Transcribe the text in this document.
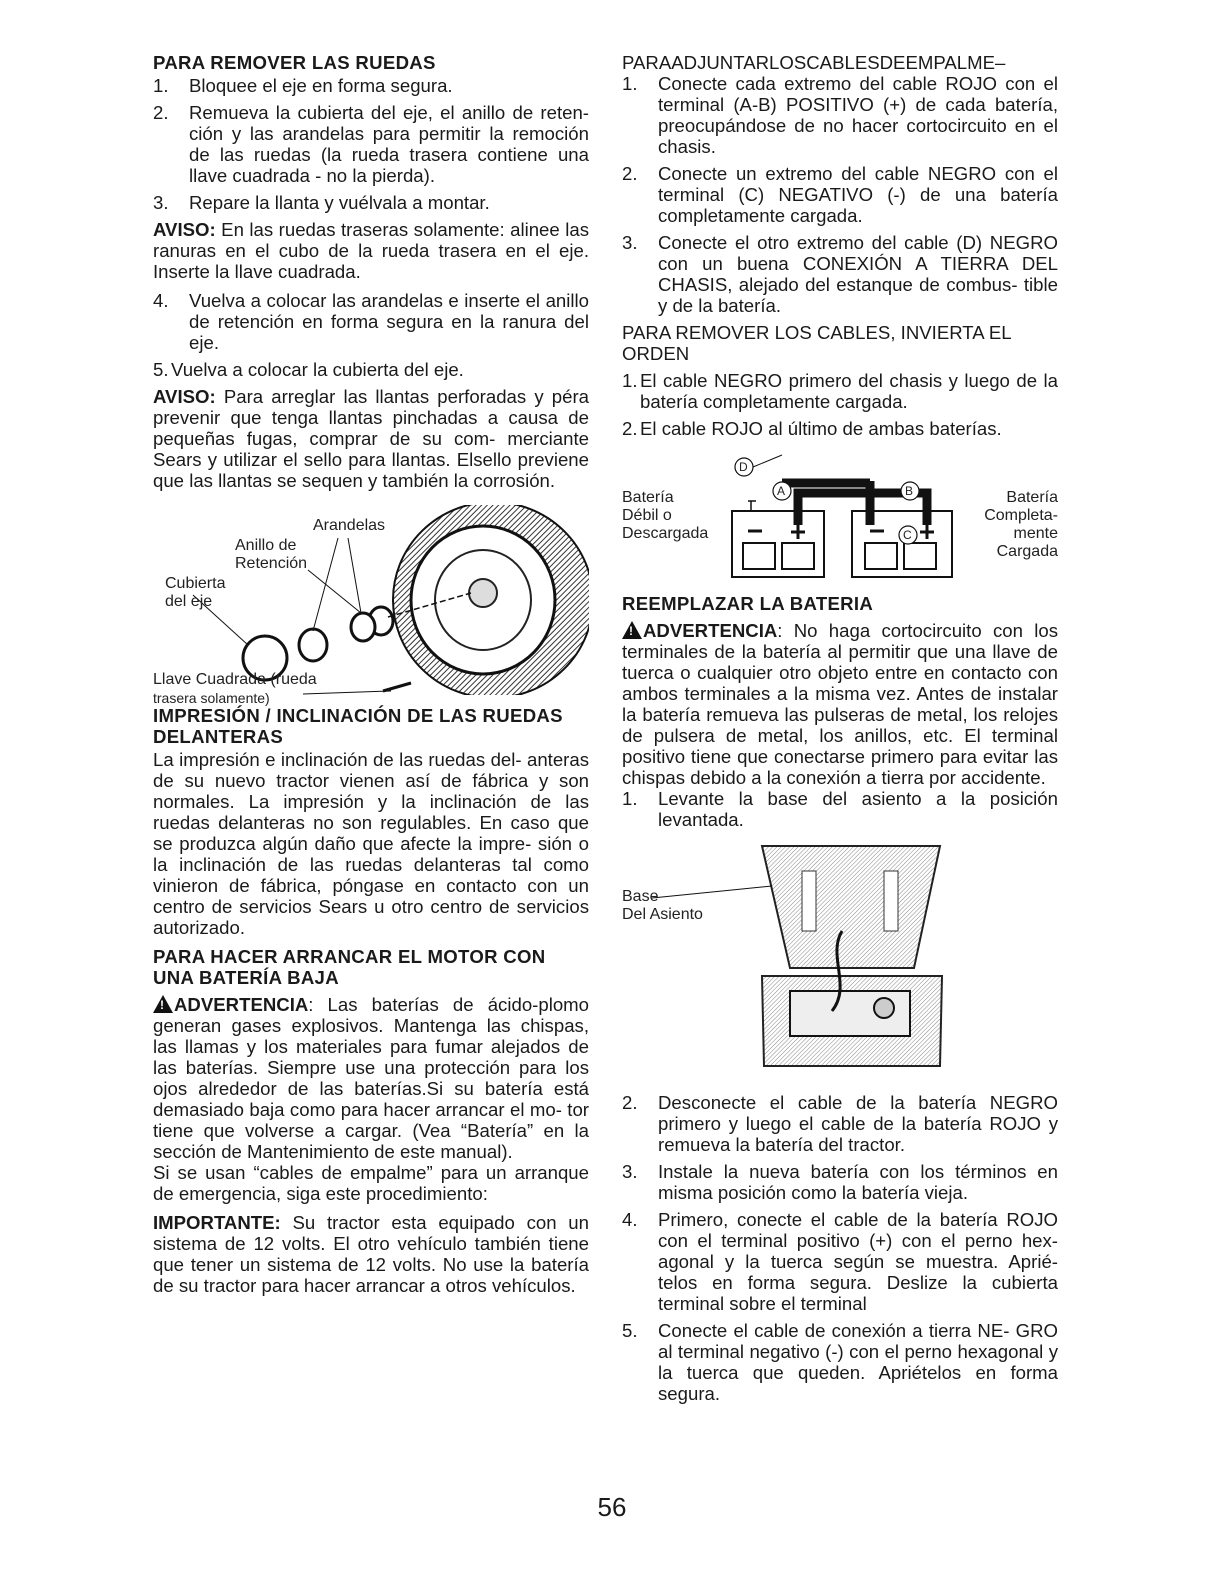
PARA REMOVER LAS RUEDAS
1.	Bloquee el eje en forma segura.
2.	Remueva la cubierta del eje, el anillo de reten- ción y las arandelas para permitir la remoción de las ruedas (la rueda trasera contiene una llave cuadrada - no la pierda).
3.	Repare la llanta y vuélvala a montar.

AVISO: En las ruedas traseras solamente: alinee las ranuras en el cubo de la rueda trasera en el eje. Inserte la llave cuadrada.

4.	Vuelva a colocar las arandelas e inserte el anillo de retención en forma segura en la ranura del eje.
5. Vuelva a colocar la cubierta del eje.

AVISO: Para arreglar las llantas perforadas y péra prevenir que tenga llantas pinchadas a causa de pequeñas fugas, comprar de su com- merciante Sears y utilizar el sello para llantas. Elsello previene que las llantas se sequen y también la corrosión.

Arandelas
Anillo de
Retención
Cubierta
del eje
Llave Cuadrada (rueda
trasera solamente)
IMPRESIÓN / INCLINACIÓN DE LAS RUEDAS DELANTERAS

La impresión e inclinación de las ruedas del- anteras de su nuevo tractor vienen así de fábrica y son normales. La impresión y la inclinación de las ruedas delanteras no son regulables. En caso que se produzca algún daño que afecte la impre- sión o la inclinación de las ruedas delanteras tal como vinieron de fábrica, póngase en contacto con un centro de servicios Sears u otro centro de servicios autorizado.

PARA HACER ARRANCAR EL MOTOR CON UNA BATERÍA BAJA

!ADVERTENCIA: Las baterías de ácido-plomo generan gases explosivos. Mantenga las chispas, las llamas y los materiales para fumar alejados de las baterías. Siempre use una protección para los ojos alrededor de las baterías.Si su batería está demasiado baja como para hacer arrancar el mo- tor tiene que volverse a cargar. (Vea “Batería” en la sección de Mantenimiento de este manual).

Si se usan “cables de empalme” para un arranque de emergencia, siga este procedimiento:

IMPORTANTE: Su tractor esta equipado con un sistema de 12 volts. El otro vehículo también tiene que tener un sistema de 12 volts. No use la batería de su tractor para hacer arrancar a otros vehículos.

PARAADJUNTARLOSCABLESDEEMPALME–
1.	Conecte cada extremo del cable ROJO con el terminal (A-B) POSITIVO (+) de cada batería, preocupándose de no hacer cortocircuito en el chasis.
2.	Conecte un extremo del cable NEGRO con el terminal (C) NEGATIVO (-) de una batería completamente cargada.
3.	Conecte el otro extremo del cable (D) NEGRO con un buena CONEXIÓN A TIERRA DEL CHASIS, alejado del estanque de combus- tible y de la batería.
PARA REMOVER LOS CABLES, INVIERTA EL ORDEN
1. El cable NEGRO primero del chasis y luego de la batería completamente cargada.
2. El cable ROJO al último de ambas baterías.
D
A	B
C
Batería
Débil o
Descargada
Batería
Completa-
mente
Cargada
REEMPLAZAR LA BATERIA

!ADVERTENCIA: No haga cortocircuito con los terminales de la batería al permitir que una llave de tuerca o cualquier otro objeto entre en contacto con ambos terminales a la misma vez. Antes de instalar la batería remueva las pulseras de metal, los relojes de pulsera de metal, los anillos, etc. El terminal positivo tiene que conectarse primero para evitar las chispas debido a la conexión a tierra por accidente.

1.	Levante la base del asiento a la posición levantada.
Base
Del Asiento
2.	Desconecte el cable de la batería NEGRO primero y luego el cable de la batería ROJO y remueva la batería del tractor.
3.	Instale la nueva batería con los términos en misma posición como la batería vieja.
4.	Primero, conecte el cable de la batería ROJO con el terminal positivo (+) con el perno hex- agonal y la tuerca según se muestra. Aprié- telos en forma segura. Deslize la cubierta terminal sobre el terminal
5.	Conecte el cable de conexión a tierra NE- GRO al terminal negativo (-) con el perno hexagonal y la tuerca que queden. Apriételos en forma segura.
56
